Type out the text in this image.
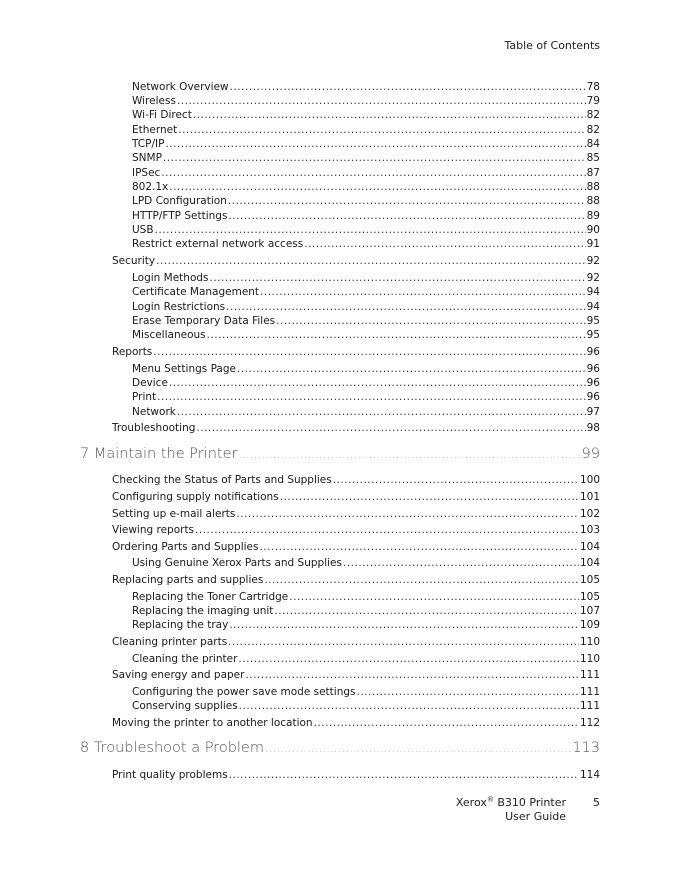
Table of Contents
Network Overview .....	78
Wireless .....	79
Wi-Fi Direct .....	82
Ethernet .....	82
TCP/IP .....	84
SNMP .....	85
IPSec .....	87
802.1x .....	88
LPD Configuration .....	88
HTTP/FTP Settings .....	89
USB .....	90
Restrict external network access .....	91
Security .....	92
Login Methods .....	92
Certificate Management .....	94
Login Restrictions .....	94
Erase Temporary Data Files .....	95
Miscellaneous .....	95
Reports .....	96
Menu Settings Page .....	96
Device .....	96
Print .....	96
Network .....	97
Troubleshooting .....	98
7 Maintain the Printer .....	99
Checking the Status of Parts and Supplies .....	100
Configuring supply notifications .....	101
Setting up e-mail alerts .....	102
Viewing reports .....	103
Ordering Parts and Supplies .....	104
Using Genuine Xerox Parts and Supplies .....	104
Replacing parts and supplies .....	105
Replacing the Toner Cartridge .....	105
Replacing the imaging unit .....	107
Replacing the tray .....	109
Cleaning printer parts .....	110
Cleaning the printer .....	110
Saving energy and paper .....	111
Configuring the power save mode settings .....	111
Conserving supplies .....	111
Moving the printer to another location .....	112
8 Troubleshoot a Problem .....	113
Print quality problems .....	114
Xerox® B310 Printer
User Guide
5
